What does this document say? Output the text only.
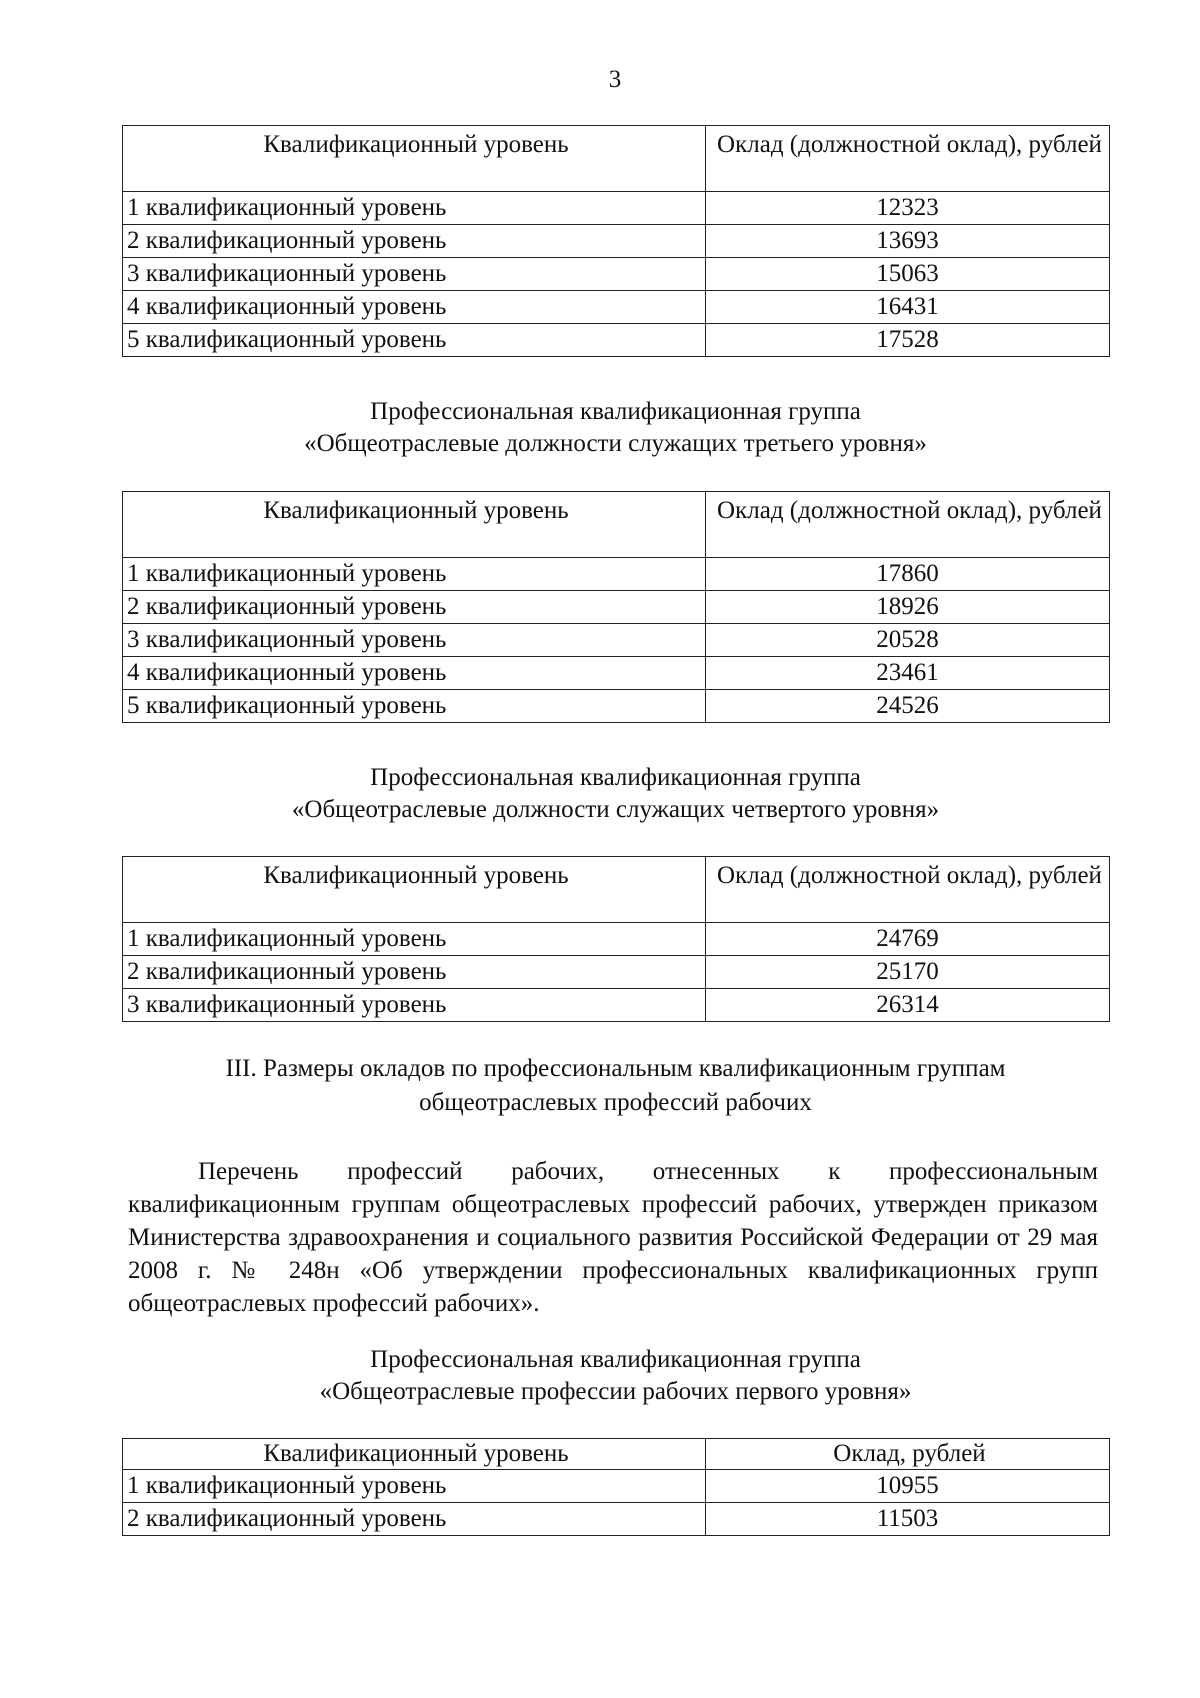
3
Квалификационный уровень	Оклад (должностной оклад), рублей
1 квалификационный уровень	12323
2 квалификационный уровень	13693
3 квалификационный уровень	15063
4 квалификационный уровень	16431
5 квалификационный уровень	17528
Профессиональная квалификационная группа
«Общеотраслевые должности служащих третьего уровня»
Квалификационный уровень	Оклад (должностной оклад), рублей
1 квалификационный уровень	17860
2 квалификационный уровень	18926
3 квалификационный уровень	20528
4 квалификационный уровень	23461
5 квалификационный уровень	24526
Профессиональная квалификационная группа
«Общеотраслевые должности служащих четвертого уровня»
Квалификационный уровень	Оклад (должностной оклад), рублей
1 квалификационный уровень	24769
2 квалификационный уровень	25170
3 квалификационный уровень	26314
III. Размеры окладов по профессиональным квалификационным группам
общеотраслевых профессий рабочих

Перечень профессий рабочих, отнесенных к профессиональным квалификационным группам общеотраслевых профессий рабочих, утвержден приказом Министерства здравоохранения и социального развития Российской Федерации от 29 мая 2008 г. № 248н «Об утверждении профессиональных квалификационных групп общеотраслевых профессий рабочих».

Профессиональная квалификационная группа
«Общеотраслевые профессии рабочих первого уровня»
Квалификационный уровень	Оклад, рублей
1 квалификационный уровень	10955
2 квалификационный уровень	11503
